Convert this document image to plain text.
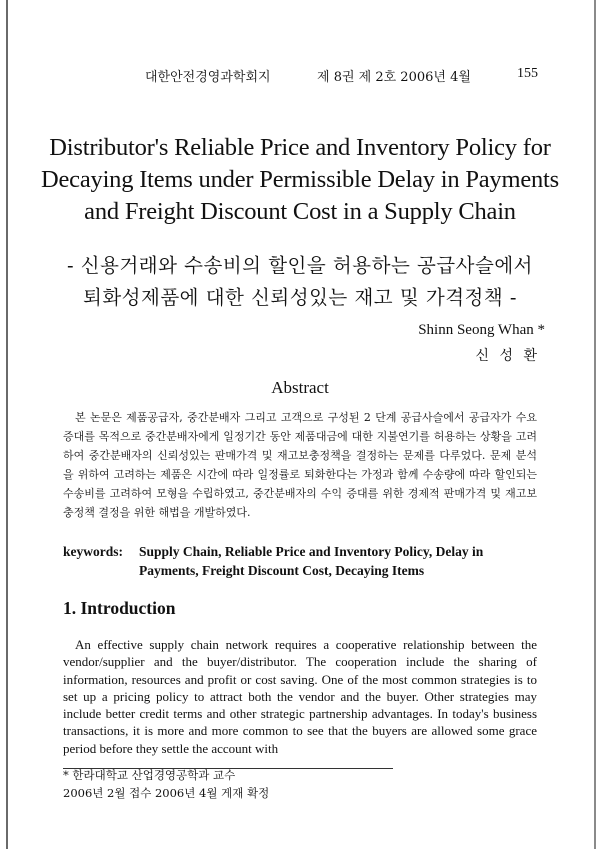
대한안전경영과학회지	제 8권 제 2호 2006년 4월	155
Distributor's Reliable Price and Inventory Policy for
Decaying Items under Permissible Delay in Payments
and Freight Discount Cost in a Supply Chain
- 신용거래와 수송비의 할인을 허용하는 공급사슬에서
퇴화성제품에 대한 신뢰성있는 재고 및 가격정책 -
Shinn Seong Whan *
신 성 환
Abstract

본 논문은 제품공급자, 중간분배자 그리고 고객으로 구성된 2 단계 공급사슬에서 공급자가 수요 증대를 목적으로 중간분배자에게 일정기간 동안 제품대금에 대한 지불연기를 허용하는 상황을 고려하여 중간분배자의 신뢰성있는 판매가격 및 재고보충정책을 결정하는 문제를 다루었다. 문제 분석을 위하여 고려하는 제품은 시간에 따라 일정률로 퇴화한다는 가정과 함께 수송량에 따라 할인되는 수송비를 고려하여 모형을 수립하였고, 중간분배자의 수익 증대를 위한 경제적 판매가격 및 재고보충정책 결정을 위한 해법을 개발하였다.

keywords: Supply Chain, Reliable Price and Inventory Policy, Delay in Payments, Freight Discount Cost, Decaying Items
1. Introduction

An effective supply chain network requires a cooperative relationship between the vendor/supplier and the buyer/distributor. The cooperation include the sharing of information, resources and profit or cost saving. One of the most common strategies is to set up a pricing policy to attract both the vendor and the buyer. Other strategies may include better credit terms and other strategic partnership advantages. In today's business transactions, it is more and more common to see that the buyers are allowed some grace period before they settle the account with

* 한라대학교 산업경영공학과 교수
2006년 2월 접수 2006년 4월 게재 확정
